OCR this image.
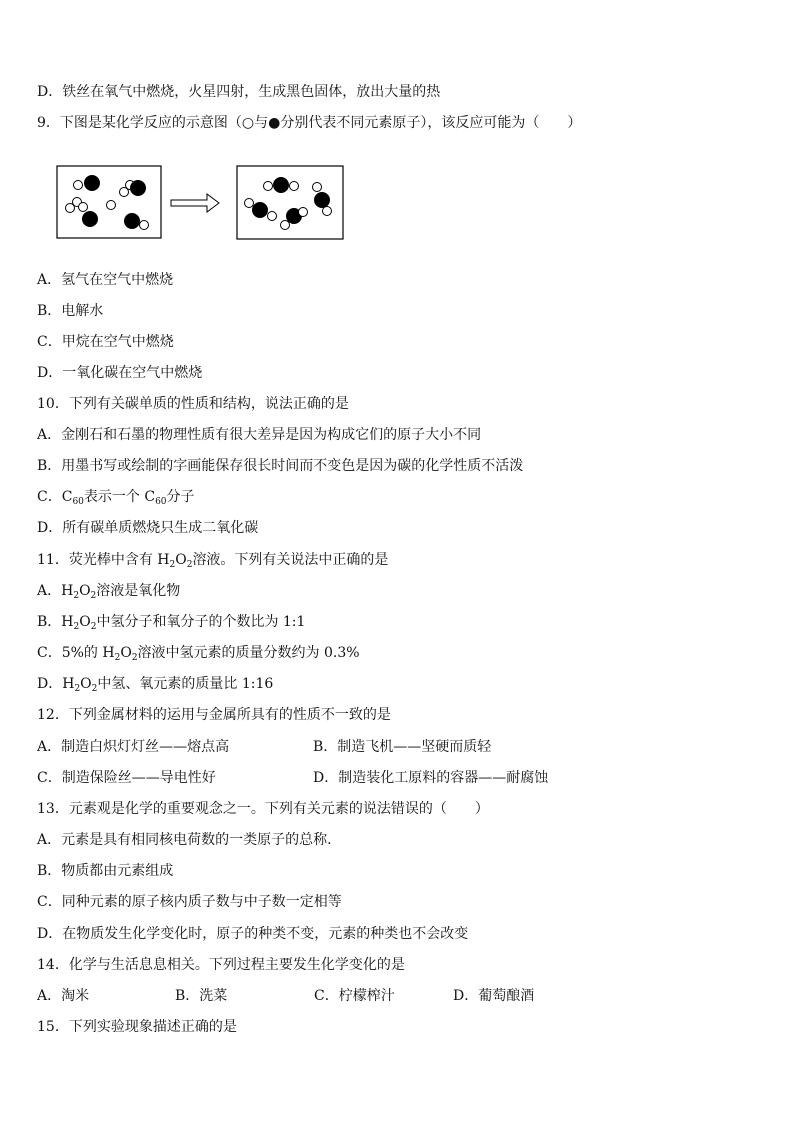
D．铁丝在氧气中燃烧，火星四射，生成黑色固体，放出大量的热
9．下图是某化学反应的示意图（○与●分别代表不同元素原子），该反应可能为（　　）
A．氢气在空气中燃烧
B．电解水
C．甲烷在空气中燃烧
D．一氧化碳在空气中燃烧
10．下列有关碳单质的性质和结构，说法正确的是
A．金刚石和石墨的物理性质有很大差异是因为构成它们的原子大小不同
B．用墨书写或绘制的字画能保存很长时间而不变色是因为碳的化学性质不活泼
C．$C_{60}$表示一个 $C_{60}$分子
D．所有碳单质燃烧只生成二氧化碳
11．荧光棒中含有 $H_2O_2$溶液。下列有关说法中正确的是
A．$H_2O_2$溶液是氧化物
B．$H_2O_2$中氢分子和氧分子的个数比为 1:1
C．5%的 $H_2O_2$溶液中氢元素的质量分数约为 0.3%
D．$H_2O_2$中氢、氧元素的质量比 1:16
12．下列金属材料的运用与金属所具有的性质不一致的是
A．制造白炽灯灯丝——熔点高	B．制造飞机——坚硬而质轻
C．制造保险丝——导电性好	D．制造装化工原料的容器——耐腐蚀
13．元素观是化学的重要观念之一。下列有关元素的说法错误的（　　）
A．元素是具有相同核电荷数的一类原子的总称.
B．物质都由元素组成
C．同种元素的原子核内质子数与中子数一定相等
D．在物质发生化学变化时，原子的种类不变，元素的种类也不会改变
14．化学与生活息息相关。下列过程主要发生化学变化的是
A．淘米	B．洗菜	C．柠檬榨汁	D．葡萄酿酒
15．下列实验现象描述正确的是
